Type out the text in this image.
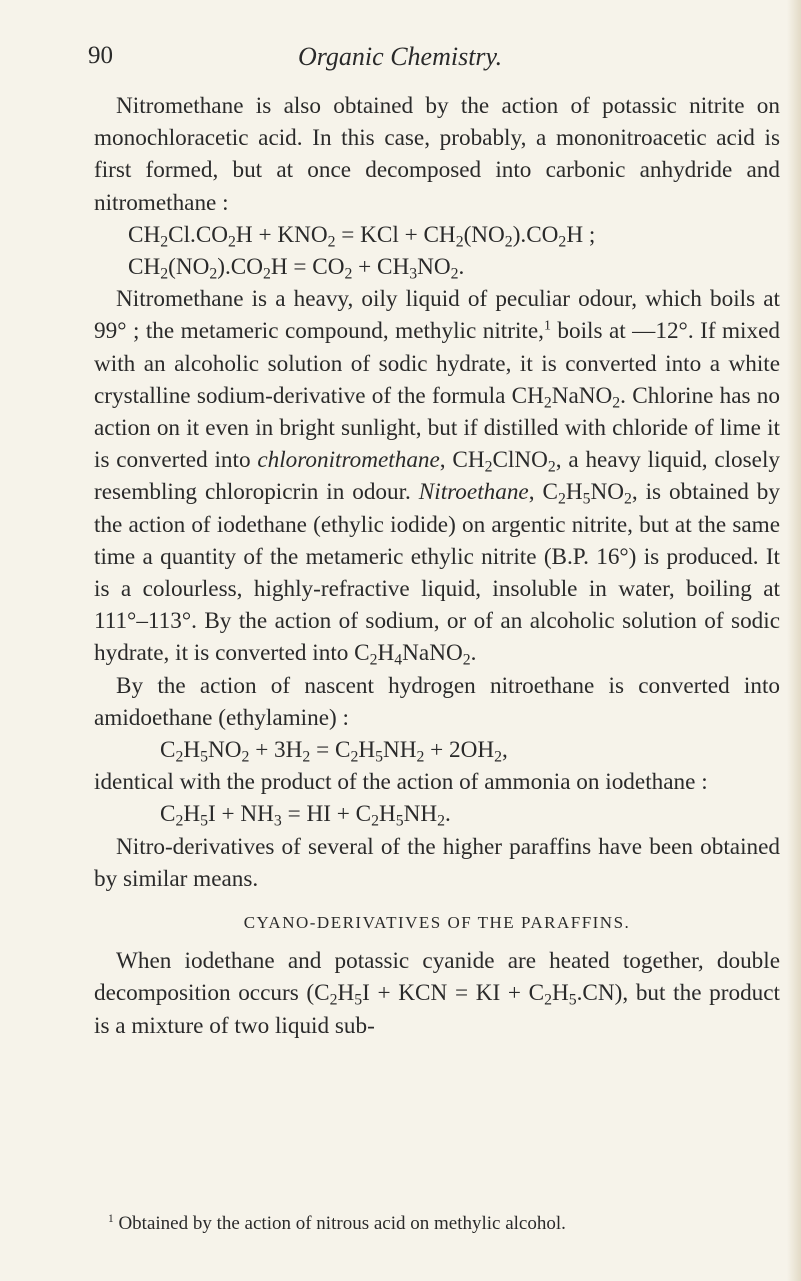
90	Organic Chemistry.

Nitromethane is also obtained by the action of potassic nitrite on monochloracetic acid. In this case, probably, a mononitroacetic acid is first formed, but at once decomposed into carbonic anhydride and nitromethane :

$CH_2Cl.CO_2H + KNO_2$ = KCl + $CH_2(NO_2).CO_2H$ ;

$CH_2(NO_2).CO_2H = CO_2 + CH_3NO_2$.

Nitromethane is a heavy, oily liquid of peculiar odour, which boils at 99° ; the metameric compound, methylic nitrite,$^1$ boils at —12°. If mixed with an alcoholic solution of sodic hydrate, it is converted into a white crystalline sodium-derivative of the formula $CH_2NaNO_2$. Chlorine has no action on it even in bright sunlight, but if distilled with chloride of lime it is converted into chloronitromethane, $CH_2ClNO_2$, a heavy liquid, closely resembling chloropicrin in odour. Nitroethane, $C_2H_5NO_2$, is obtained by the action of iodethane (ethylic iodide) on argentic nitrite, but at the same time a quantity of the metameric ethylic nitrite (B.P. 16°) is produced. It is a colourless, highly-refractive liquid, insoluble in water, boiling at 111°–113°. By the action of sodium, or of an alcoholic solution of sodic hydrate, it is converted into $C_2H_4NaNO_2$.

By the action of nascent hydrogen nitroethane is converted into amidoethane (ethylamine) :

$C_2H_5NO_2 + 3H_2 = C_2H_5NH_2 + 2OH_2$,

identical with the product of the action of ammonia on iodethane :

$C_2H_5I + NH_3$ = HI + $C_2H_5NH_2$.

Nitro-derivatives of several of the higher paraffins have been obtained by similar means.

CYANO-DERIVATIVES OF THE PARAFFINS.

When iodethane and potassic cyanide are heated together, double decomposition occurs ($C_2H_5I$ + KCN = KI + $C_2H_5.CN$), but the product is a mixture of two liquid sub-

$^1$ Obtained by the action of nitrous acid on methylic alcohol.
